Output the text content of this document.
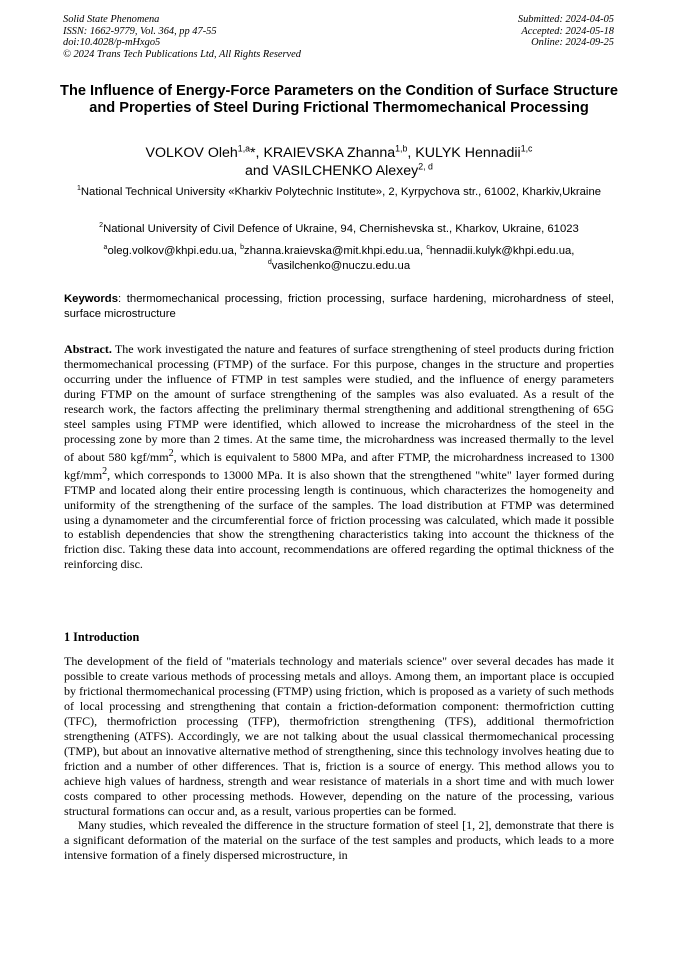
Solid State Phenomena
ISSN: 1662-9779, Vol. 364, pp 47-55
doi:10.4028/p-mHxgo5
© 2024 Trans Tech Publications Ltd, All Rights Reserved
Submitted: 2024-04-05
Accepted: 2024-05-18
Online: 2024-09-25
The Influence of Energy-Force Parameters on the Condition of Surface Structure and Properties of Steel During Frictional Thermomechanical Processing
VOLKOV Oleh$^{1,a}$*, KRAIEVSKA Zhanna$^{1,b}$, KULYK Hennadii$^{1,c}$
and VASILCHENKO Alexey$^{2, d}$
$^1$National Technical University «Kharkiv Polytechnic Institute», 2, Kyrpychova str., 61002, Kharkiv,Ukraine
$^2$National University of Civil Defence of Ukraine, 94, Chernishevska st., Kharkov, Ukraine, 61023
$^a$oleg.volkov@khpi.edu.ua, $^b$zhanna.kraievska@mit.khpi.edu.ua, $^c$hennadii.kulyk@khpi.edu.ua,
$^d$vasilchenko@nuczu.edu.ua
Keywords: thermomechanical processing, friction processing, surface hardening, microhardness of steel, surface microstructure
Abstract. The work investigated the nature and features of surface strengthening of steel products during friction thermomechanical processing (FTMP) of the surface. For this purpose, changes in the structure and properties occurring under the influence of FTMP in test samples were studied, and the influence of energy parameters during FTMP on the amount of surface strengthening of the samples was also evaluated. As a result of the research work, the factors affecting the preliminary thermal strengthening and additional strengthening of 65G steel samples using FTMP were identified, which allowed to increase the microhardness of the steel in the processing zone by more than 2 times. At the same time, the microhardness was increased thermally to the level of about 580 kgf/$mm^2$, which is equivalent to 5800 MPa, and after FTMP, the microhardness increased to 1300 kgf/$mm^2$, which corresponds to 13000 MPa. It is also shown that the strengthened "white" layer formed during FTMP and located along their entire processing length is continuous, which characterizes the homogeneity and uniformity of the strengthening of the surface of the samples. The load distribution at FTMP was determined using a dynamometer and the circumferential force of friction processing was calculated, which made it possible to establish dependencies that show the strengthening characteristics taking into account the thickness of the friction disc. Taking these data into account, recommendations are offered regarding the optimal thickness of the reinforcing disc.
1 Introduction

The development of the field of "materials technology and materials science" over several decades has made it possible to create various methods of processing metals and alloys. Among them, an important place is occupied by frictional thermomechanical processing (FTMP) using friction, which is proposed as a variety of such methods of local processing and strengthening that contain a friction-deformation component: thermofriction cutting (TFC), thermofriction processing (TFP), thermofriction strengthening (TFS), additional thermofriction strengthening (ATFS). Accordingly, we are not talking about the usual classical thermomechanical processing (TMP), but about an innovative alternative method of strengthening, since this technology involves heating due to friction and a number of other differences. That is, friction is a source of energy. This method allows you to achieve high values of hardness, strength and wear resistance of materials in a short time and with much lower costs compared to other processing methods. However, depending on the nature of the processing, various structural formations can occur and, as a result, various properties can be formed.

Many studies, which revealed the difference in the structure formation of steel [1, 2], demonstrate that there is a significant deformation of the material on the surface of the test samples and products, which leads to a more intensive formation of a finely dispersed microstructure, in
